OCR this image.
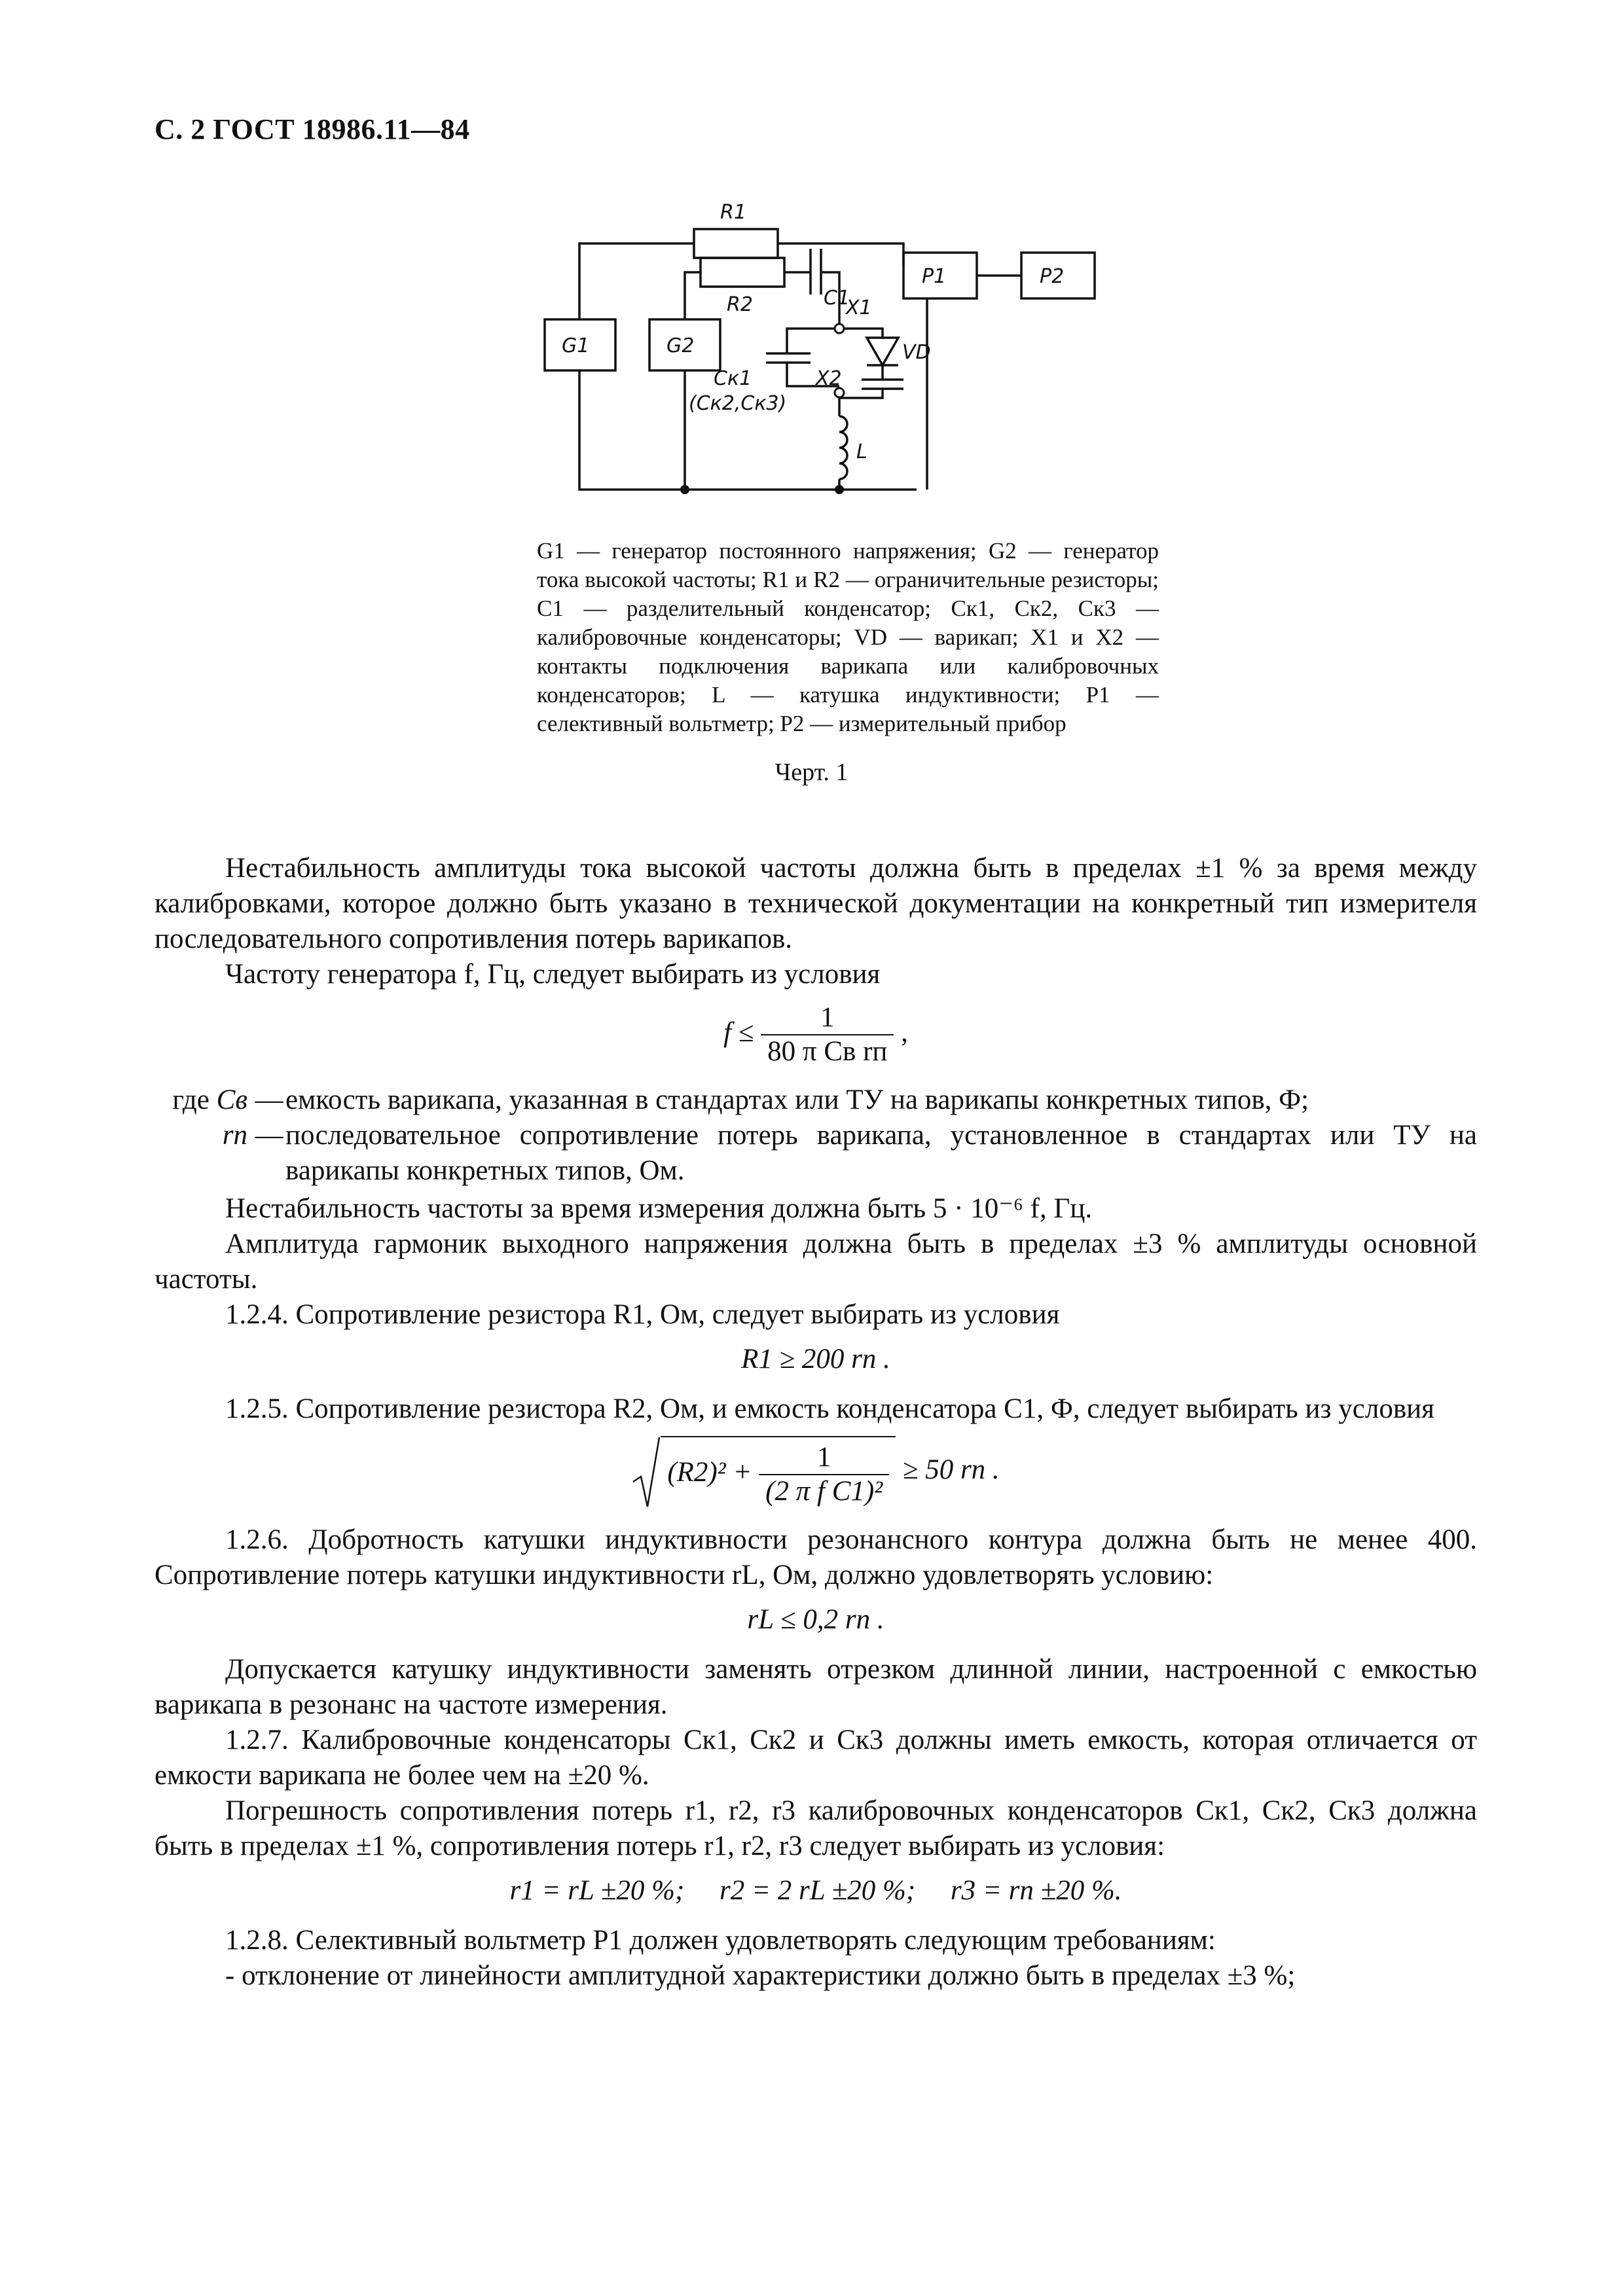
С. 2 ГОСТ 18986.11—84
R1
R2	C1
X1
G1	G2
P1	P2
VD
X2
Cк1
(Cк2,Cк3)
L
G1 — генератор постоянного напряжения; G2 — генератор тока высокой частоты; R1 и R2 — ограничительные резисторы; C1 — разделительный конденсатор; Cк1, Cк2, Cк3 — калибровочные конденсаторы; VD — варикап; X1 и X2 — контакты подключения варикапа или калибровочных конденсаторов; L — катушка индуктивности; P1 — селективный вольтметр; P2 — измерительный прибор
Черт. 1

Нестабильность амплитуды тока высокой частоты должна быть в пределах ±1 % за время между калибровками, которое должно быть указано в технической документации на конкретный тип измерителя последовательного сопротивления потерь варикапов.

Частоту генератора f, Гц, следует выбирать из условия

$f \le \frac{1}{\text{80 π Cв rп}}$ ,
где Cв — емкость варикапа, указанная в стандартах или ТУ на варикапы конкретных типов, Ф;
rп — последовательное сопротивление потерь варикапа, установленное в стандартах или ТУ на варикапы конкретных типов, Ом.

Нестабильность частоты за время измерения должна быть 5 · 10⁻⁶ f, Гц.

Амплитуда гармоник выходного напряжения должна быть в пределах ±3 % амплитуды основной частоты.

1.2.4. Сопротивление резистора R1, Ом, следует выбирать из условия

R1 ≥ 200 rп .

1.2.5. Сопротивление резистора R2, Ом, и емкость конденсатора C1, Ф, следует выбирать из условия

$(R2)^2 + \frac{1}{\text{(2 π f C1)²}} \ge 50$ rп .

1.2.6. Добротность катушки индуктивности резонансного контура должна быть не менее 400. Сопротивление потерь катушки индуктивности rL, Ом, должно удовлетворять условию:

rL ≤ 0,2 rп .

Допускается катушку индуктивности заменять отрезком длинной линии, настроенной с емкостью варикапа в резонанс на частоте измерения.

1.2.7. Калибровочные конденсаторы Cк1, Cк2 и Cк3 должны иметь емкость, которая отличается от емкости варикапа не более чем на ±20 %.

Погрешность сопротивления потерь r1, r2, r3 калибровочных конденсаторов Cк1, Cк2, Cк3 должна быть в пределах ±1 %, сопротивления потерь r1, r2, r3 следует выбирать из условия:

r1 = rL ±20 %;     r2 = 2 rL ±20 %;     r3 = rп ±20 %.

1.2.8. Селективный вольтметр P1 должен удовлетворять следующим требованиям:

- отклонение от линейности амплитудной характеристики должно быть в пределах ±3 %;
